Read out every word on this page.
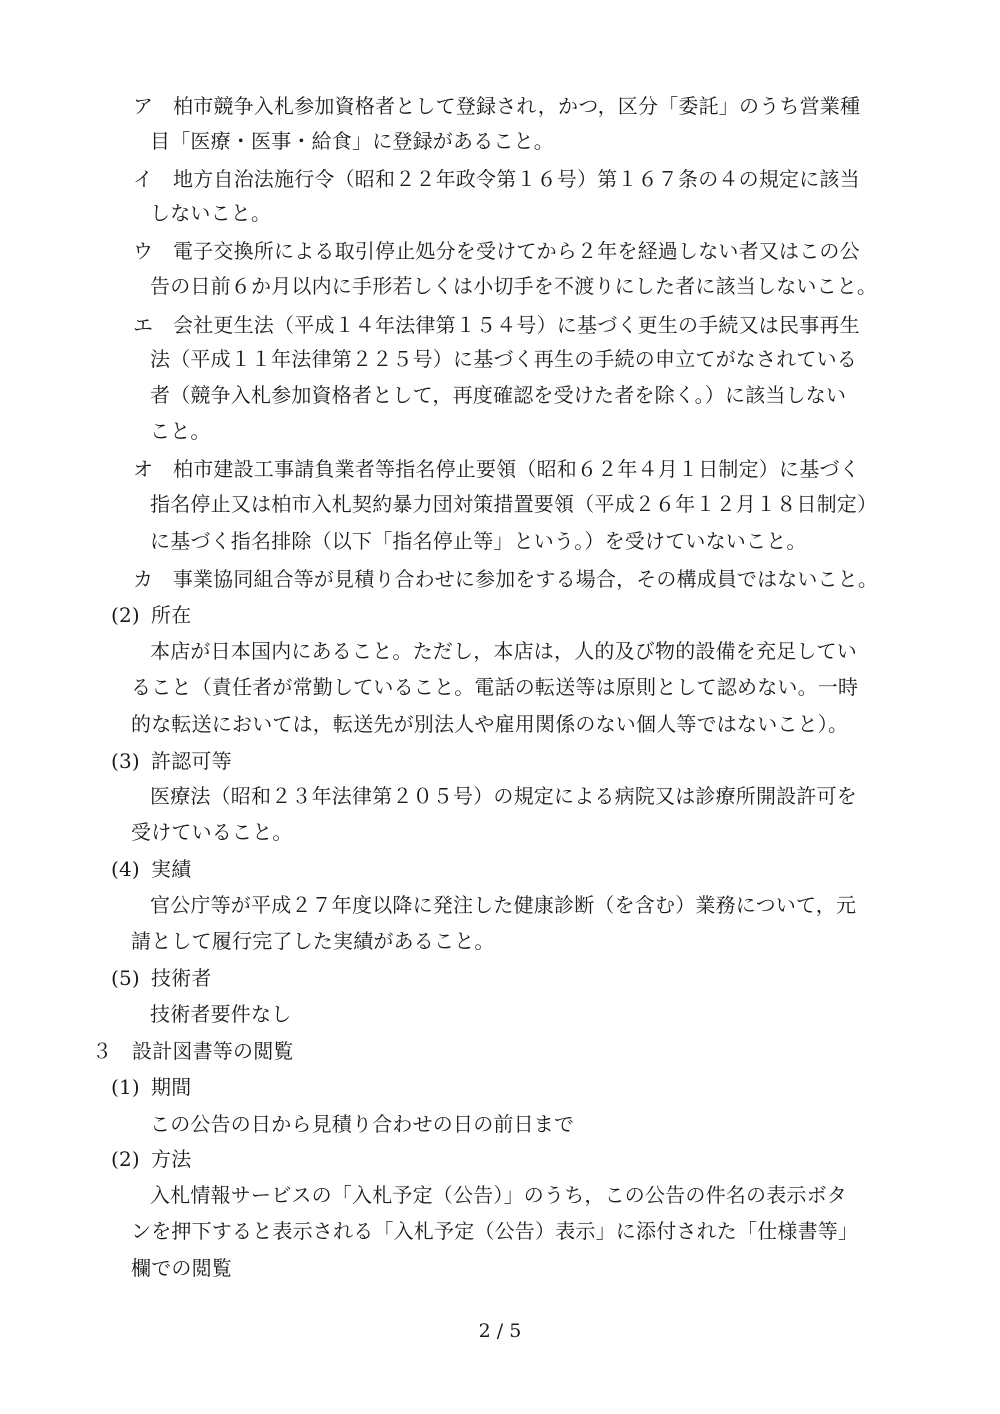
ア 柏市競争入札参加資格者として登録され，かつ，区分「委託」のうち営業種
目「医療・医事・給食」に登録があること。
イ 地方自治法施行令（昭和２２年政令第１６号）第１６７条の４の規定に該当
しないこと。
ウ 電子交換所による取引停止処分を受けてから２年を経過しない者又はこの公
告の日前６か月以内に手形若しくは小切手を不渡りにした者に該当しないこと。
エ 会社更生法（平成１４年法律第１５４号）に基づく更生の手続又は民事再生
法（平成１１年法律第２２５号）に基づく再生の手続の申立てがなされている
者（競争入札参加資格者として，再度確認を受けた者を除く。）に該当しない
こと。
オ 柏市建設工事請負業者等指名停止要領（昭和６２年４月１日制定）に基づく
指名停止又は柏市入札契約暴力団対策措置要領（平成２６年１２月１８日制定）
に基づく指名排除（以下「指名停止等」という。）を受けていないこと。
カ 事業協同組合等が見積り合わせに参加をする場合，その構成員ではないこと。
(2) 所在
本店が日本国内にあること。ただし，本店は，人的及び物的設備を充足してい
ること（責任者が常勤していること。電話の転送等は原則として認めない。一時
的な転送においては，転送先が別法人や雇用関係のない個人等ではないこと）。
(3) 許認可等
医療法（昭和２３年法律第２０５号）の規定による病院又は診療所開設許可を
受けていること。
(4) 実績
官公庁等が平成２７年度以降に発注した健康診断（を含む）業務について，元
請として履行完了した実績があること。
(5) 技術者
技術者要件なし
３ 設計図書等の閲覧
(1) 期間
この公告の日から見積り合わせの日の前日まで
(2) 方法
入札情報サービスの「入札予定（公告）」のうち，この公告の件名の表示ボタ
ンを押下すると表示される「入札予定（公告）表示」に添付された「仕様書等」
欄での閲覧
2 / 5
